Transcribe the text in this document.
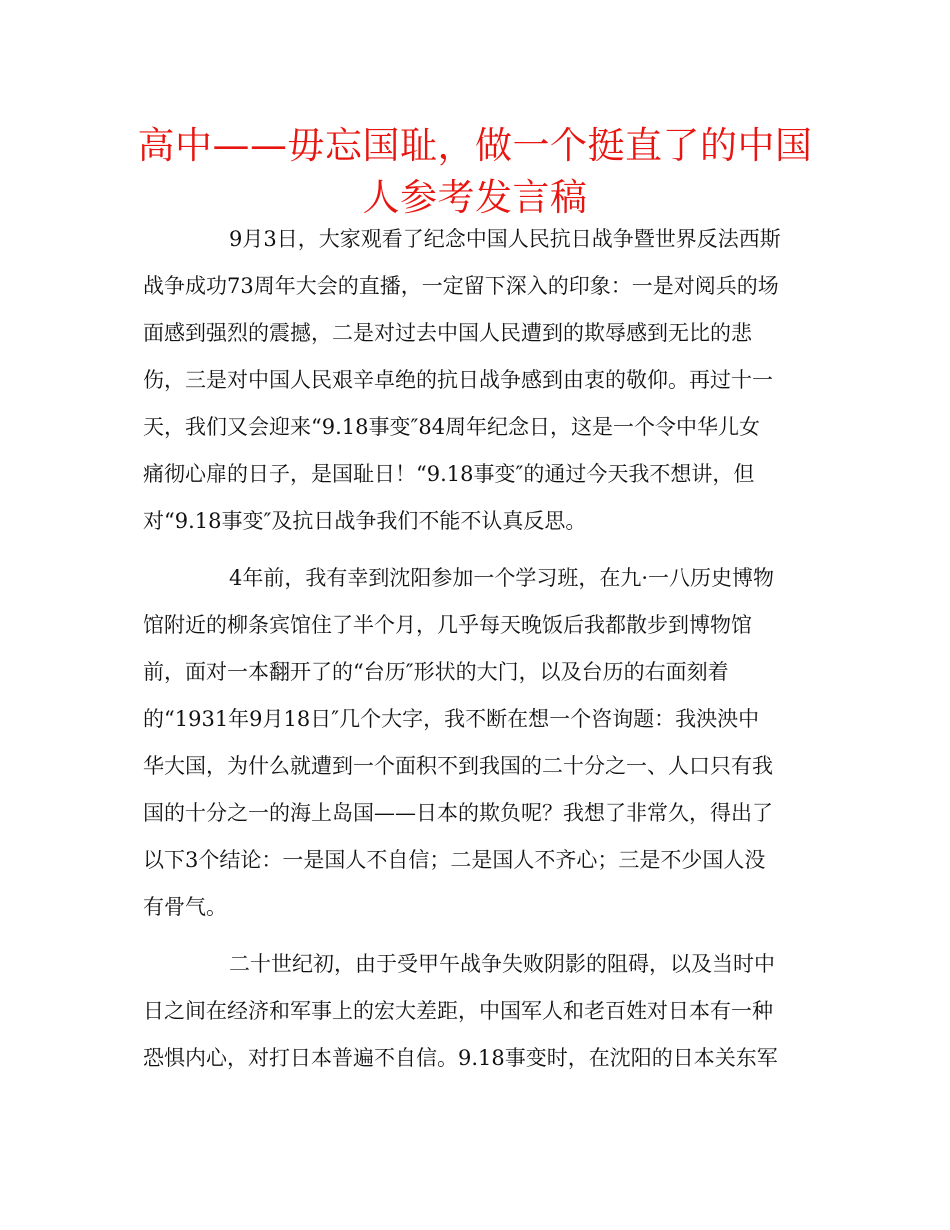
高中——毋忘国耻，做一个挺直了的中国
人参考发言稿
9月3日，大家观看了纪念中国人民抗日战争暨世界反法西斯
战争成功73周年大会的直播，一定留下深入的印象：一是对阅兵的场
面感到强烈的震撼，二是对过去中国人民遭到的欺辱感到无比的悲
伤，三是对中国人民艰辛卓绝的抗日战争感到由衷的敬仰。再过十一
天，我们又会迎来“9.18事变″84周年纪念日，这是一个令中华儿女
痛彻心扉的日子，是国耻日！“9.18事变″的通过今天我不想讲，但
对“9.18事变″及抗日战争我们不能不认真反思。
4年前，我有幸到沈阳参加一个学习班，在九·一八历史博物
馆附近的柳条宾馆住了半个月，几乎每天晚饭后我都散步到博物馆
前，面对一本翻开了的“台历″形状的大门，以及台历的右面刻着
的“1931年9月18日″几个大字，我不断在想一个咨询题：我泱泱中
华大国，为什么就遭到一个面积不到我国的二十分之一、人口只有我
国的十分之一的海上岛国——日本的欺负呢？我想了非常久，得出了
以下3个结论：一是国人不自信；二是国人不齐心；三是不少国人没
有骨气。
二十世纪初，由于受甲午战争失败阴影的阻碍，以及当时中
日之间在经济和军事上的宏大差距，中国军人和老百姓对日本有一种
恐惧内心，对打日本普遍不自信。9.18事变时，在沈阳的日本关东军
